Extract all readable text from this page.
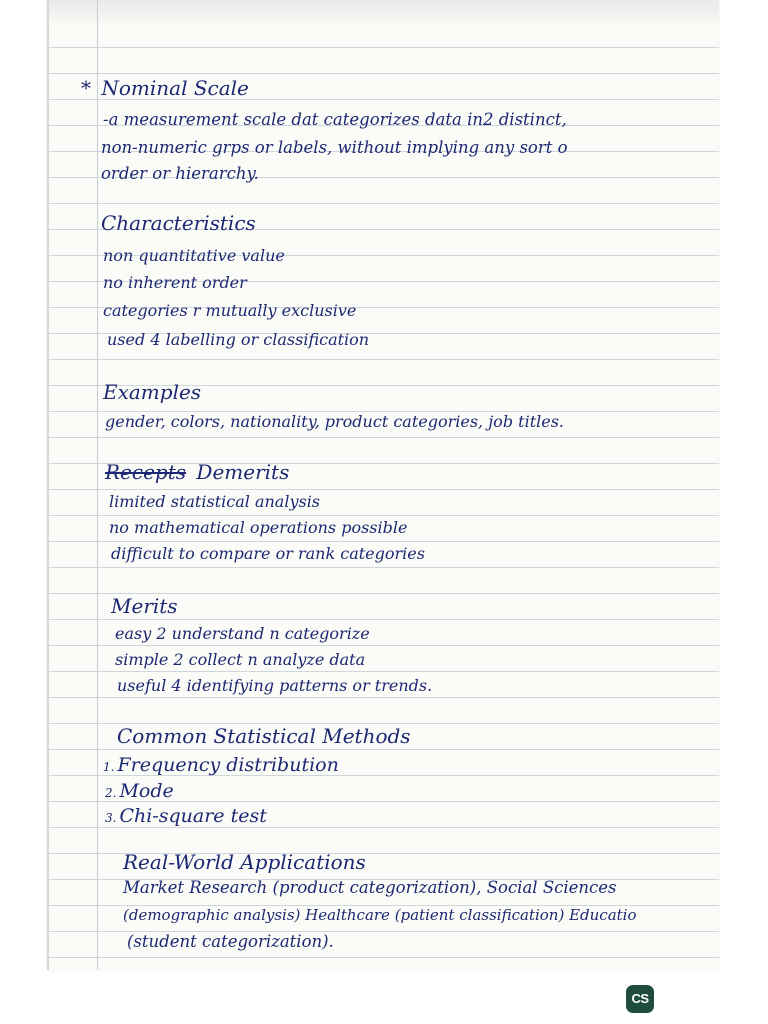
* Nominal Scale
-a measurement scale dat categorizes data in2 distinct,
non-numeric grps or labels, without implying any sort o
order or hierarchy.
Characteristics
non quantitative value
no inherent order
categories r mutually exclusive
used 4 labelling or classification
Examples
gender, colors, nationality, product categories, job titles.
Recepts Demerits
limited statistical analysis
no mathematical operations possible
difficult to compare or rank categories
Merits
easy 2 understand n categorize
simple 2 collect n analyze data
useful 4 identifying patterns or trends.
Common Statistical Methods
1. Frequency distribution
2. Mode
3. Chi-square test
Real-World Applications
Market Research (product categorization), Social Sciences
(demographic analysis) Healthcare (patient classification) Educatio
(student categorization).
CS
